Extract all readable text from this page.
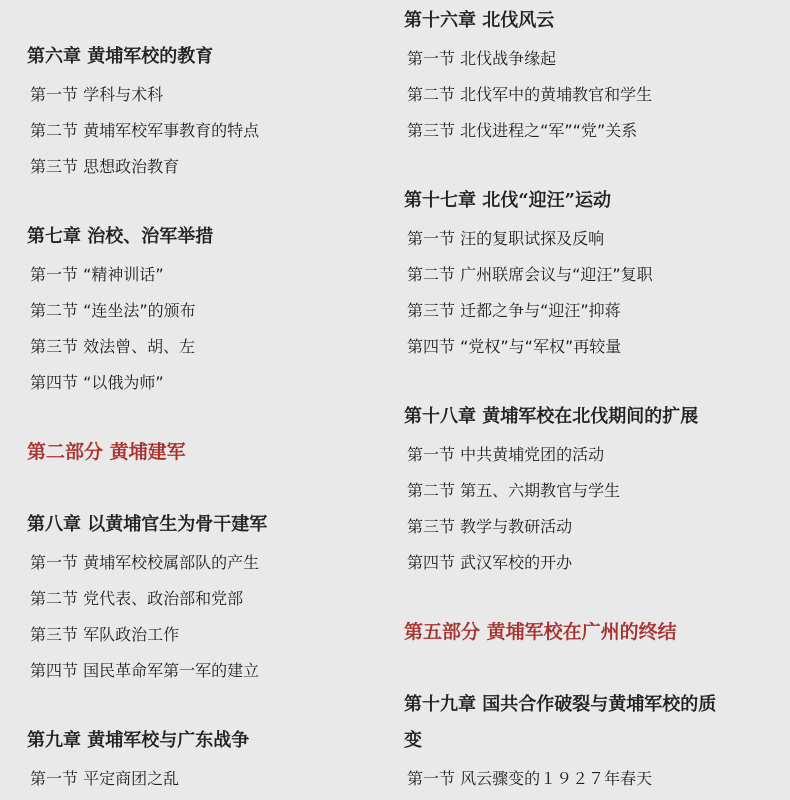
第六章 黄埔军校的教育
第一节 学科与术科
第二节 黄埔军校军事教育的特点
第三节 思想政治教育
第七章 治校、治军举措
第一节 “精神训话”
第二节 “连坐法”的颁布
第三节 效法曾、胡、左
第四节 “以俄为师”
第二部分 黄埔建军
第八章 以黄埔官生为骨干建军
第一节 黄埔军校校属部队的产生
第二节 党代表、政治部和党部
第三节 军队政治工作
第四节 国民革命军第一军的建立
第九章 黄埔军校与广东战争
第一节 平定商团之乱
第十六章 北伐风云
第一节 北伐战争缘起
第二节 北伐军中的黄埔教官和学生
第三节 北伐进程之“军”“党”关系
第十七章 北伐“迎汪”运动
第一节 汪的复职试探及反响
第二节 广州联席会议与“迎汪”复职
第三节 迁都之争与“迎汪”抑蒋
第四节 “党权”与“军权”再较量
第十八章 黄埔军校在北伐期间的扩展
第一节 中共黄埔党团的活动
第二节 第五、六期教官与学生
第三节 教学与教研活动
第四节 武汉军校的开办
第五部分 黄埔军校在广州的终结
第十九章 国共合作破裂与黄埔军校的质
变
第一节 风云骤变的１９２７年春天
